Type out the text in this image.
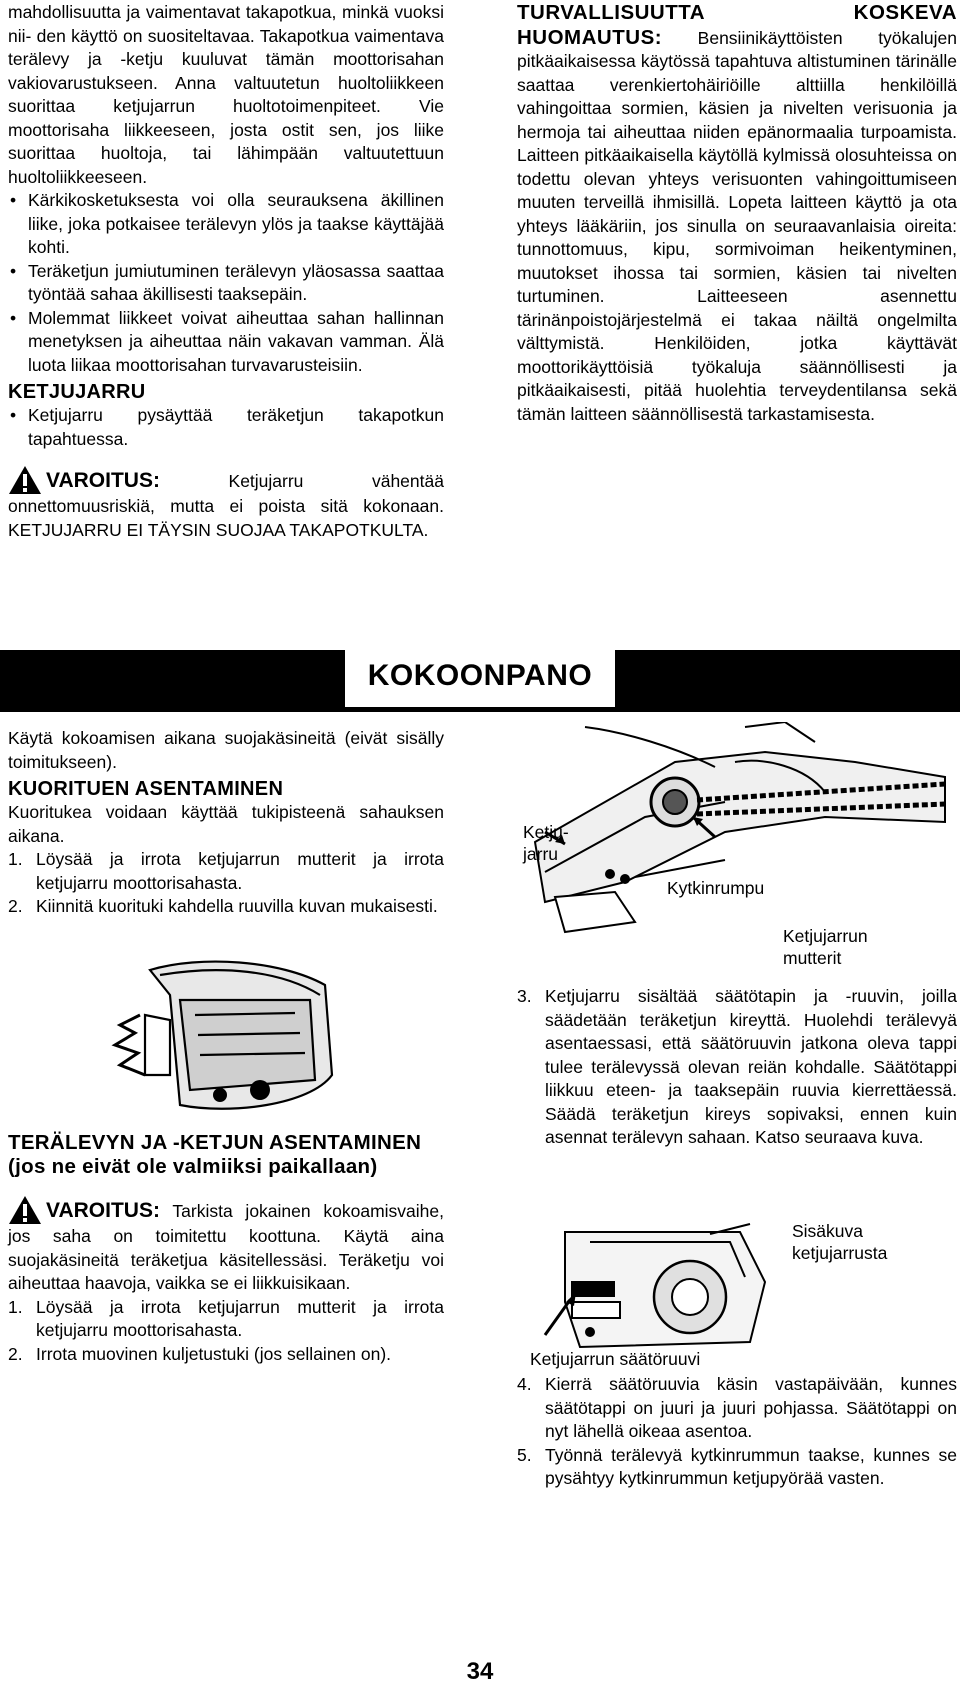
mahdollisuutta ja vaimentavat takapotkua, minkä vuoksi nii- den käyttö on suositeltavaa. Takapotkua vaimentava terälevy ja -ketju kuuluvat tämän moottorisahan vakiovarustukseen. Anna valtuutetun huoltoliikkeen suorittaa ketjujarrun huoltotoimenpiteet. Vie moottorisaha liikkeeseen, josta ostit sen, jos liike suorittaa huoltoja, tai lähimpään valtuutettuun huoltoliikkeeseen.

• Kärkikosketuksesta voi olla seurauksena äkillinen liike, joka potkaisee terälevyn ylös ja taakse käyttäjää kohti.

• Teräketjun jumiutuminen terälevyn yläosassa saattaa työntää sahaa äkillisesti taaksepäin.

• Molemmat liikkeet voivat aiheuttaa sahan hallinnan menetyksen ja aiheuttaa näin vakavan vamman. Älä luota liikaa moottorisahan turvavarusteisiin.

KETJUJARRU

• Ketjujarru pysäyttää teräketjun takapotkun tapahtuessa.

VAROITUS:	Ketjujarru vähentää onnettomuusriskiä, mutta ei poista sitä kokonaan. KETJUJARRU EI TÄYSIN SUOJAA TAKAPOTKULTA.

TURVALLISUUTTA KOSKEVA HUOMAUTUS: Bensiinikäyttöisten työkalujen pitkäaikaisessa käytössä tapahtuva altistuminen tärinälle saattaa verenkiertohäiriöille alttiilla henkilöillä vahingoittaa sormien, käsien ja nivelten verisuonia ja hermoja tai aiheuttaa niiden epänormaalia turpoamista. Laitteen pitkäaikaisella käytöllä kylmissä olosuhteissa on todettu olevan yhteys verisuonten vahingoittumiseen muuten terveillä ihmisillä. Lopeta laitteen käyttö ja ota yhteys lääkäriin, jos sinulla on seuraavanlaisia oireita: tunnottomuus, kipu, sormivoiman heikentyminen, muutokset ihossa tai sormien, käsien tai nivelten turtuminen. Laitteeseen asennettu tärinänpoistojärjestelmä ei takaa näiltä ongelmilta välttymistä. Henkilöiden, jotka käyttävät moottorikäyttöisiä työkaluja säännöllisesti ja pitkäaikaisesti, pitää huolehtia terveydentilansa sekä tämän laitteen säännöllisestä tarkastamisesta.

KOKOONPANO

Käytä kokoamisen aikana suojakäsineitä (eivät sisälly toimitukseen).

KUORITUEN ASENTAMINEN

Kuoritukea voidaan käyttää tukipisteenä sahauksen aikana.

1. Löysää ja irrota ketjujarrun mutterit ja irrota ketjujarru moottorisahasta.

2. Kiinnitä kuorituki kahdella ruuvilla kuvan mukaisesti.

TERÄLEVYN JA -KETJUN ASENTAMINEN (jos ne eivät ole valmiiksi paikallaan)

VAROITUS: Tarkista jokainen kokoamisvaihe, jos saha on toimitettu koottuna. Käytä aina suojakäsineitä teräketjua käsitellessäsi. Teräketju voi aiheuttaa haavoja, vaikka se ei liikkuisikaan.

1. Löysää ja irrota ketjujarrun mutterit ja irrota ketjujarru moottorisahasta.

2. Irrota muovinen kuljetustuki (jos sellainen on).

Ketju-
jarru
Kytkinrumpu
Ketjujarrun
mutterit

3. Ketjujarru sisältää säätötapin ja -ruuvin, joilla säädetään teräketjun kireyttä. Huolehdi terälevyä asentaessasi, että säätöruuvin jatkona oleva tappi tulee terälevyssä olevan reiän kohdalle. Säätötappi liikkuu eteen- ja taaksepäin ruuvia kierrettäessä. Säädä teräketjun kireys sopivaksi, ennen kuin asennat terälevyn sahaan. Katso seuraava kuva.

Sisäkuva
ketjujarrusta
Ketjujarrun säätöruuvi

4. Kierrä säätöruuvia käsin vastapäivään, kunnes säätötappi on juuri ja juuri pohjassa. Säätötappi on nyt lähellä oikeaa asentoa.

5. Työnnä terälevyä kytkinrummun taakse, kunnes se pysähtyy kytkinrummun ketjupyörää vasten.

34
